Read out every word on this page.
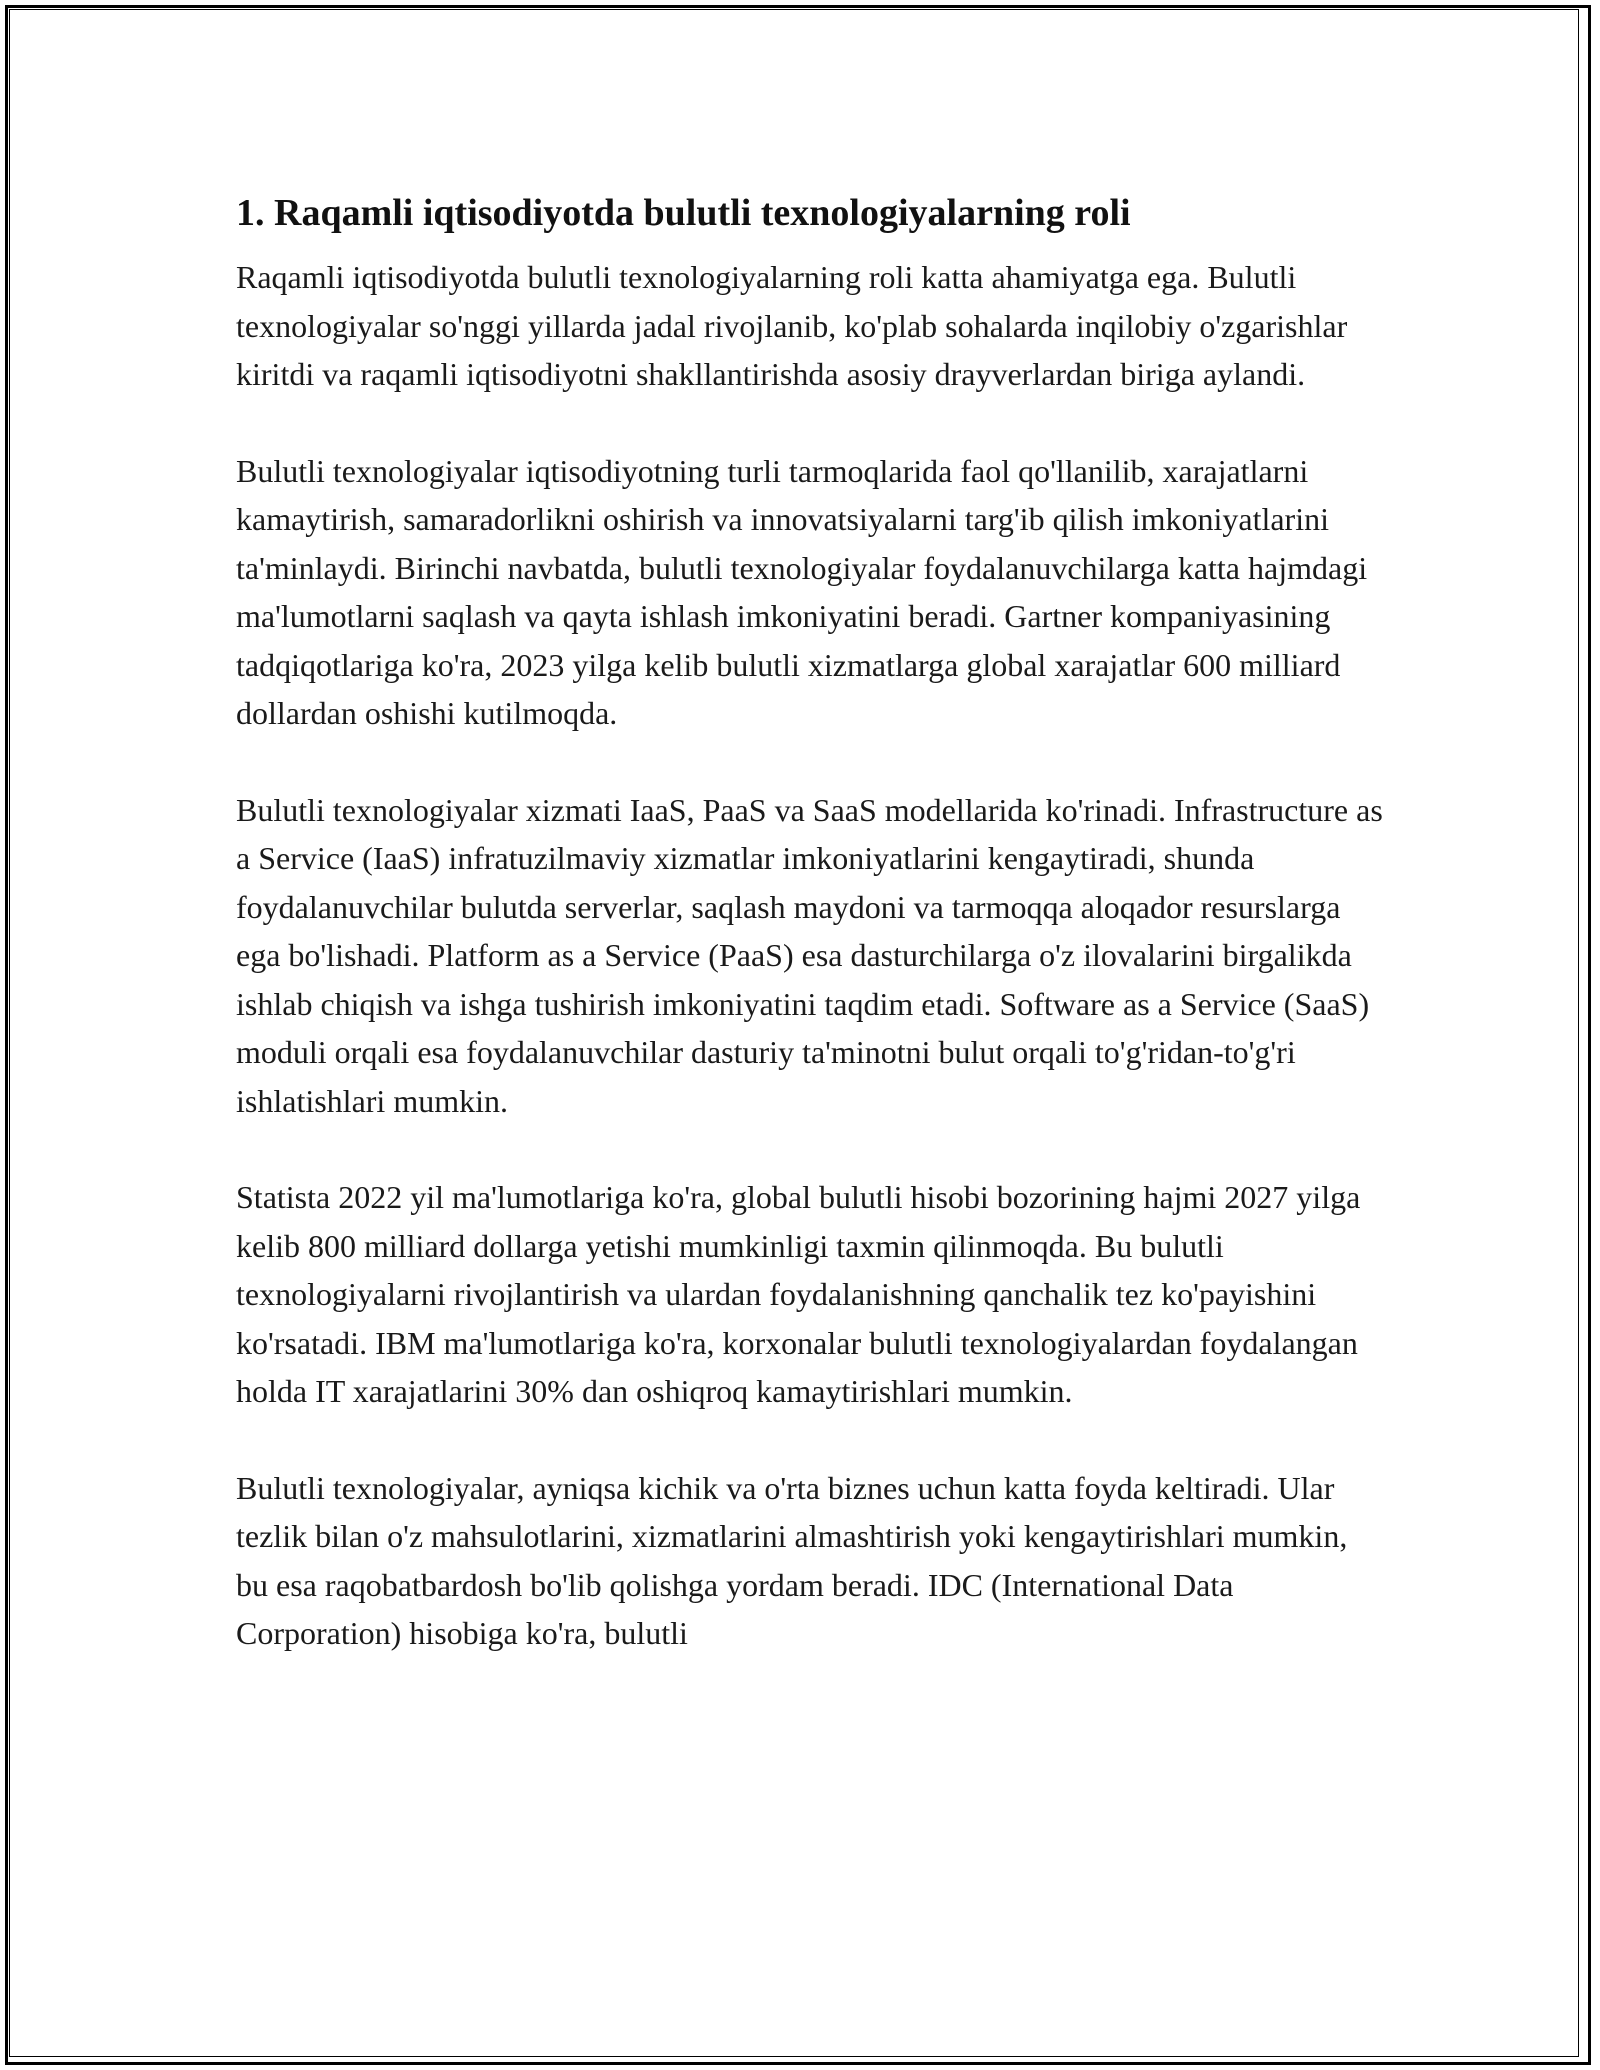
1. Raqamli iqtisodiyotda bulutli texnologiyalarning roli

Raqamli iqtisodiyotda bulutli texnologiyalarning roli katta ahamiyatga ega. Bulutli texnologiyalar so'nggi yillarda jadal rivojlanib, ko'plab sohalarda inqilobiy o'zgarishlar kiritdi va raqamli iqtisodiyotni shakllantirishda asosiy drayverlardan biriga aylandi.

Bulutli texnologiyalar iqtisodiyotning turli tarmoqlarida faol qo'llanilib, xarajatlarni kamaytirish, samaradorlikni oshirish va innovatsiyalarni targ'ib qilish imkoniyatlarini ta'minlaydi. Birinchi navbatda, bulutli texnologiyalar foydalanuvchilarga katta hajmdagi ma'lumotlarni saqlash va qayta ishlash imkoniyatini beradi. Gartner kompaniyasining tadqiqotlariga ko'ra, 2023 yilga kelib bulutli xizmatlarga global xarajatlar 600 milliard dollardan oshishi kutilmoqda.

Bulutli texnologiyalar xizmati IaaS, PaaS va SaaS modellarida ko'rinadi. Infrastructure as a Service (IaaS) infratuzilmaviy xizmatlar imkoniyatlarini kengaytiradi, shunda foydalanuvchilar bulutda serverlar, saqlash maydoni va tarmoqqa aloqador resurslarga ega bo'lishadi. Platform as a Service (PaaS) esa dasturchilarga o'z ilovalarini birgalikda ishlab chiqish va ishga tushirish imkoniyatini taqdim etadi. Software as a Service (SaaS) moduli orqali esa foydalanuvchilar dasturiy ta'minotni bulut orqali to'g'ridan-to'g'ri ishlatishlari mumkin.

Statista 2022 yil ma'lumotlariga ko'ra, global bulutli hisobi bozorining hajmi 2027 yilga kelib 800 milliard dollarga yetishi mumkinligi taxmin qilinmoqda. Bu bulutli texnologiyalarni rivojlantirish va ulardan foydalanishning qanchalik tez ko'payishini ko'rsatadi. IBM ma'lumotlariga ko'ra, korxonalar bulutli texnologiyalardan foydalangan holda IT xarajatlarini 30% dan oshiqroq kamaytirishlari mumkin.

Bulutli texnologiyalar, ayniqsa kichik va o'rta biznes uchun katta foyda keltiradi. Ular tezlik bilan o'z mahsulotlarini, xizmatlarini almashtirish yoki kengaytirishlari mumkin, bu esa raqobatbardosh bo'lib qolishga yordam beradi. IDC (International Data Corporation) hisobiga ko'ra, bulutli
